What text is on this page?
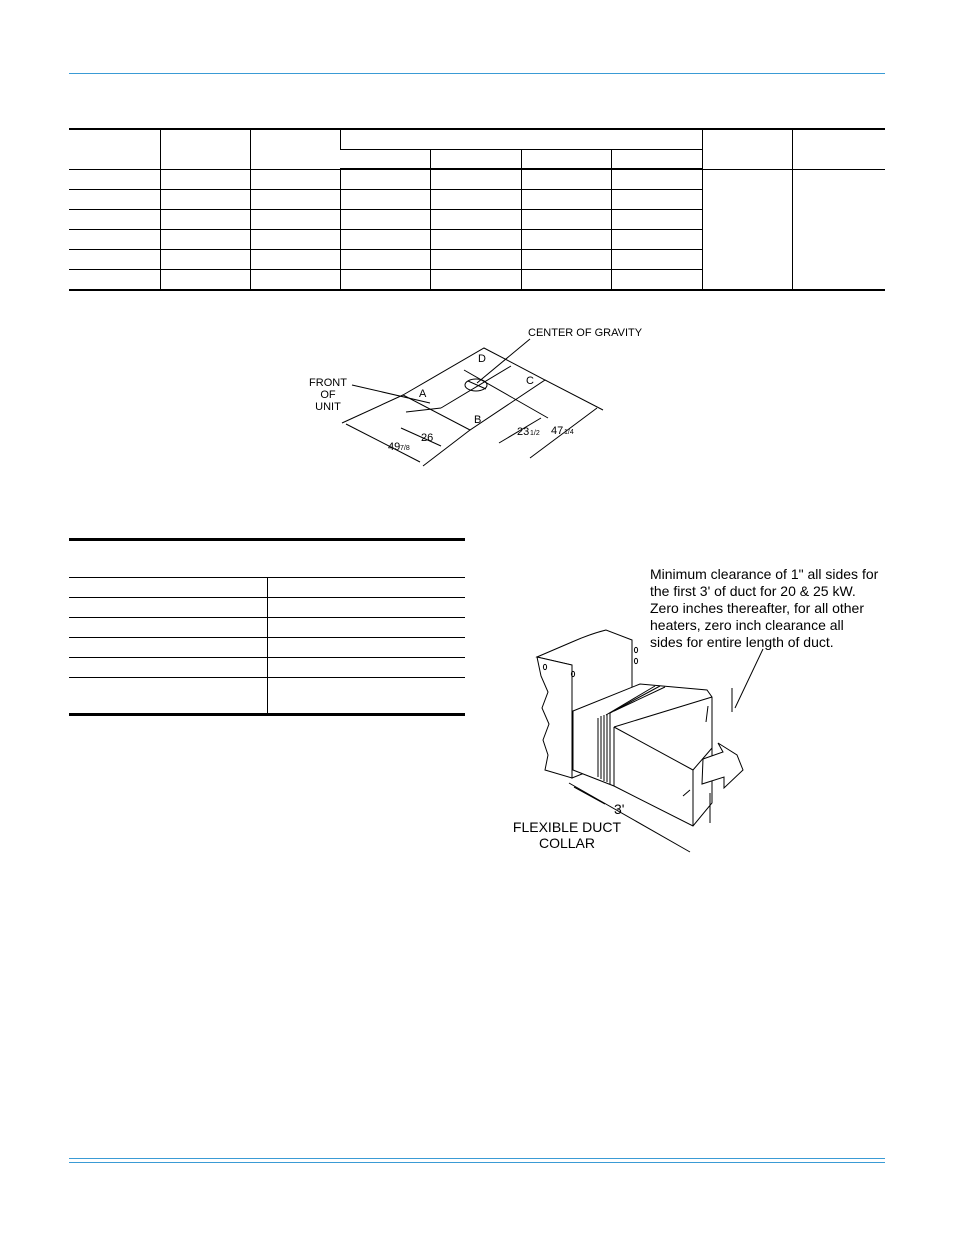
CENTER OF GRAVITY
FRONT
OF
UNIT
A
B
C
D
26
49 7/8
23 1/2 47 1/4

Minimum clearance of 1" all sides for the first 3' of duct for 20 & 25 kW. Zero inches thereafter, for all other heaters, zero inch clearance all sides for entire length of duct.
3'
FLEXIBLE DUCT
COLLAR
